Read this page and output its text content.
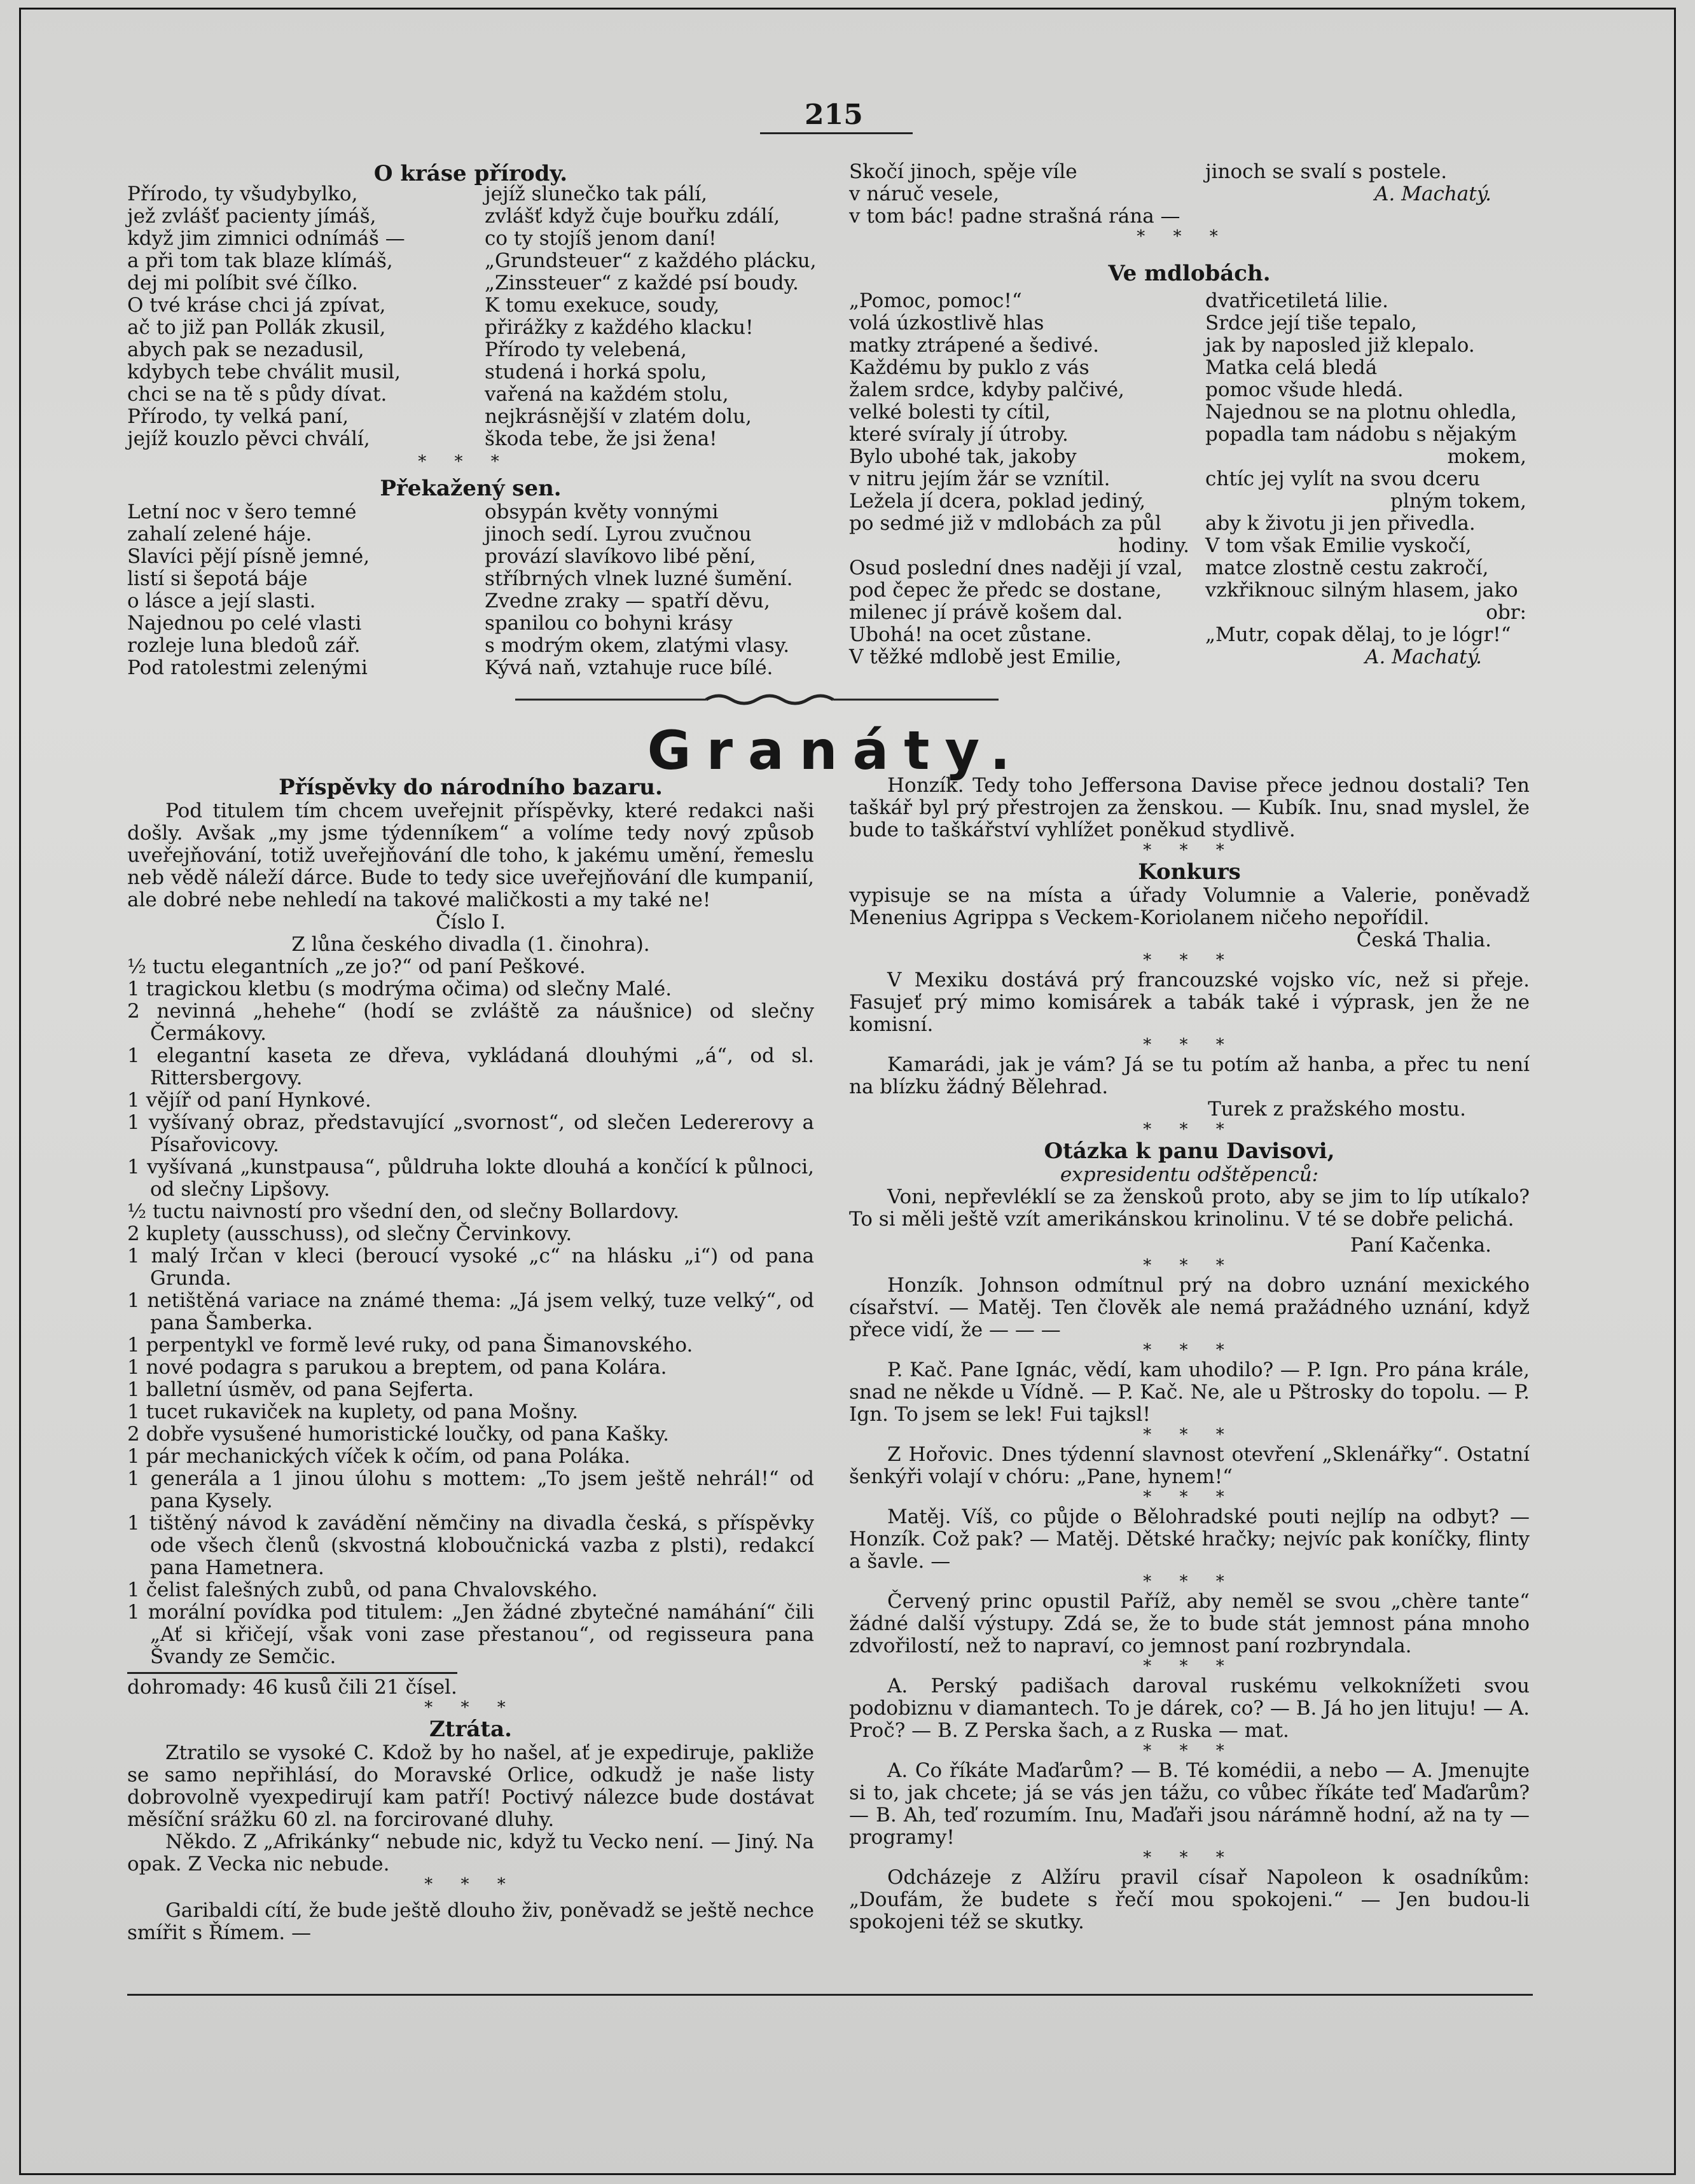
215
O kráse přírody.

Přírodo, ty všudybylko,

jež zvlášť pacienty jímáš,

když jim zimnici odnímáš —

a při tom tak blaze klímáš,

dej mi políbit své čílko.

O tvé kráse chci já zpívat,

ač to již pan Pollák zkusil,

abych pak se nezadusil,

kdybych tebe chválit musil,

chci se na tě s půdy dívat.

Přírodo, ty velká paní,

jejíž kouzlo pěvci chválí,

jejíž slunečko tak pálí,

zvlášť když čuje bouřku zdálí,

co ty stojíš jenom daní!

„Grundsteuer“ z každého plácku,

„Zinssteuer“ z každé psí boudy.

K tomu exekuce, soudy,

přirážky z každého klacku!

Přírodo ty velebená,

studená i horká spolu,

vařená na každém stolu,

nejkrásnější v zlatém dolu,

škoda tebe, že jsi žena!

* * *
Překažený sen.

Letní noc v šero temné

zahalí zelené háje.

Slavíci pějí písně jemné,

listí si šepotá báje

o lásce a její slasti.

Najednou po celé vlasti

rozleje luna bledoů zář.

Pod ratolestmi zelenými

obsypán květy vonnými

jinoch sedí. Lyrou zvučnou

provází slavíkovo libé pění,

stříbrných vlnek luzné šumění.

Zvedne zraky — spatří děvu,

spanilou co bohyni krásy

s modrým okem, zlatými vlasy.

Kývá naň, vztahuje ruce bílé.

Skočí jinoch, spěje víle

v náruč vesele,

v tom bác! padne strašná rána —

jinoch se svalí s postele.

A. Machatý.

* * *
Ve mdlobách.

„Pomoc, pomoc!“

volá úzkostlivě hlas

matky ztrápené a šedivé.

Každému by puklo z vás

žalem srdce, kdyby palčivé,

velké bolesti ty cítil,

které svíraly jí útroby.

Bylo ubohé tak, jakoby

v nitru jejím žár se vznítil.

Ležela jí dcera, poklad jediný,

po sedmé již v mdlobách za půl

hodiny.

Osud poslední dnes naději jí vzal,

pod čepec že předc se dostane,

milenec jí právě košem dal.

Ubohá! na ocet zůstane.

V těžké mdlobě jest Emilie,

dvatřicetiletá lilie.

Srdce její tiše tepalo,

jak by naposled již klepalo.

Matka celá bledá

pomoc všude hledá.

Najednou se na plotnu ohledla,

popadla tam nádobu s nějakým

mokem,

chtíc jej vylít na svou dceru

plným tokem,

aby k životu ji jen přivedla.

V tom však Emilie vyskočí,

matce zlostně cestu zakročí,

vzkřiknouc silným hlasem, jako

obr:

„Mutr, copak dělaj, to je lógr!“

A. Machatý.

Granáty.

Příspěvky do národního bazaru.

Pod titulem tím chcem uveřejnit příspěvky, které redakci naši došly. Avšak „my jsme týdenníkem“ a volíme tedy nový způsob uveřejňování, totiž uveřejňování dle toho, k jakému umění, řemeslu neb vědě náleží dárce. Bude to tedy sice uveřejňování dle kumpanií, ale dobré nebe nehledí na takové maličkosti a my také ne!

Číslo I.

Z lůna českého divadla (1. činohra).

½ tuctu elegantních „ze jo?“ od paní Peškové.

1 tragickou kletbu (s modrýma očima) od slečny Malé.

2 nevinná „hehehe“ (hodí se zvláště za náušnice) od slečny Čermákovy.

1 elegantní kaseta ze dřeva, vykládaná dlouhými „á“, od sl. Rittersbergovy.

1 vějíř od paní Hynkové.

1 vyšívaný obraz, představující „svornost“, od slečen Ledererovy a Písařovicovy.

1 vyšívaná „kunstpausa“, půldruha lokte dlouhá a končící k půlnoci, od slečny Lipšovy.

½ tuctu naivností pro všední den, od slečny Bollardovy.

2 kuplety (ausschuss), od slečny Červinkovy.

1 malý Irčan v kleci (beroucí vysoké „c“ na hlásku „i“) od pana Grunda.

1 netištěná variace na známé thema: „Já jsem velký, tuze velký“, od pana Šamberka.

1 perpentykl ve formě levé ruky, od pana Šimanovského.

1 nové podagra s parukou a breptem, od pana Kolára.

1 balletní úsměv, od pana Sejferta.

1 tucet rukaviček na kuplety, od pana Mošny.

2 dobře vysušené humoristické loučky, od pana Kašky.

1 pár mechanických víček k očím, od pana Poláka.

1 generála a 1 jinou úlohu s mottem: „To jsem ještě nehrál!“ od pana Kysely.

1 tištěný návod k zavádění němčiny na divadla česká, s příspěvky ode všech členů (skvostná kloboučnická vazba z plsti), redakcí pana Hametnera.

1 čelist falešných zubů, od pana Chvalovského.

1 morální povídka pod titulem: „Jen žádné zbytečné namáhání“ čili „Ať si křičejí, však voni zase přestanou“, od regisseura pana Švandy ze Semčic.

dohromady: 46 kusů čili 21 čísel.

* * *

Ztráta.

Ztratilo se vysoké C. Kdož by ho našel, ať je expediruje, pakliže se samo nepřihlásí, do Moravské Orlice, odkudž je naše listy dobrovolně vyexpedirují kam patří! Poctivý nálezce bude dostávat měsíční srážku 60 zl. na forcirované dluhy.

Někdo. Z „Afrikánky“ nebude nic, když tu Vecko není. — Jiný. Na opak. Z Vecka nic nebude.

* * *

Garibaldi cítí, že bude ještě dlouho živ, poněvadž se ještě nechce smířit s Římem. —

Honzík. Tedy toho Jeffersona Davise přece jednou dostali? Ten taškář byl prý přestrojen za ženskou. — Kubík. Inu, snad myslel, že bude to taškářství vyhlížet poněkud stydlivě.

* * *

Konkurs

vypisuje se na místa a úřady Volumnie a Valerie, poněvadž Menenius Agrippa s Veckem-Koriolanem ničeho nepořídil.

Česká Thalia.

* * *

V Mexiku dostává prý francouzské vojsko víc, než si přeje. Fasujeť prý mimo komisárek a tabák také i výprask, jen že ne komisní.

* * *

Kamarádi, jak je vám? Já se tu potím až hanba, a přec tu není na blízku žádný Bělehrad.

Turek z pražského mostu.

* * *

Otázka k panu Davisovi,

expresidentu odštěpenců:

Voni, nepřevléklí se za ženskoů proto, aby se jim to líp utíkalo? To si měli ještě vzít amerikánskou krinolinu. V té se dobře pelichá.

Paní Kačenka.

* * *

Honzík. Johnson odmítnul prý na dobro uznání mexického císařství. — Matěj. Ten člověk ale nemá pražádného uznání, když přece vidí, že — — —

* * *

P. Kač. Pane Ignác, vědí, kam uhodilo? — P. Ign. Pro pána krále, snad ne někde u Vídně. — P. Kač. Ne, ale u Pštrosky do topolu. — P. Ign. To jsem se lek! Fui tajksl!

* * *

Z Hořovic. Dnes týdenní slavnost otevření „Sklenářky“. Ostatní šenkýři volají v chóru: „Pane, hynem!“

* * *

Matěj. Víš, co půjde o Bělohradské pouti nejlíp na odbyt? — Honzík. Což pak? — Matěj. Dětské hračky; nejvíc pak koníčky, flinty a šavle. —

* * *

Červený princ opustil Paříž, aby neměl se svou „chère tante“ žádné další výstupy. Zdá se, že to bude stát jemnost pána mnoho zdvořilostí, než to napraví, co jemnost paní rozbryndala.

* * *

A. Perský padišach daroval ruskému velkoknížeti svou podobiznu v diamantech. To je dárek, co? — B. Já ho jen lituju! — A. Proč? — B. Z Perska šach, a z Ruska — mat.

* * *

A. Co říkáte Maďarům? — B. Té komédii, a nebo — A. Jmenujte si to, jak chcete; já se vás jen tážu, co vůbec říkáte teď Maďarům? — B. Ah, teď rozumím. Inu, Maďaři jsou nárámně hodní, až na ty — programy!

* * *

Odcházeje z Alžíru pravil císař Napoleon k osadníkům: „Doufám, že budete s řečí mou spokojeni.“ — Jen budou-li spokojeni též se skutky.
